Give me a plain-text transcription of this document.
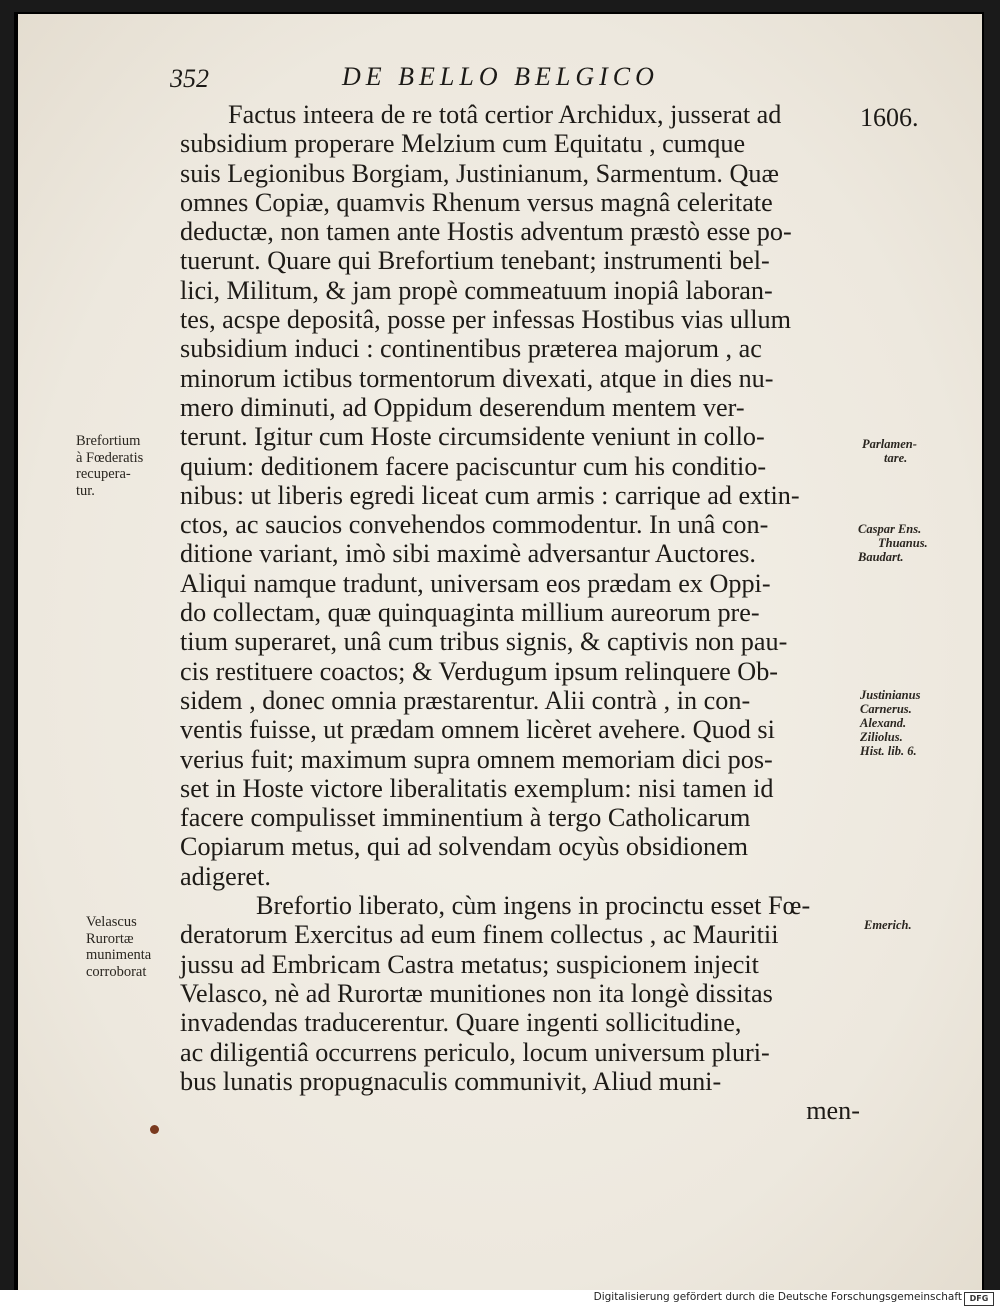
352	DE BELLO BELGICO
1606.
Factus inteera de re totâ certior Archidux, jusserat ad
subsidium properare Melzium cum Equitatu , cumque
suis Legionibus Borgiam, Justinianum, Sarmentum. Quæ
omnes Copiæ, quamvis Rhenum versus magnâ celeritate
deductæ, non tamen ante Hostis adventum præstò esse po-
tuerunt. Quare qui Brefortium tenebant; instrumenti bel-
lici, Militum, & jam propè commeatuum inopiâ laboran-
tes, acspe depositâ, posse per infessas Hostibus vias ullum
subsidium induci : continentibus præterea majorum , ac
minorum ictibus tormentorum divexati, atque in dies nu-
mero diminuti, ad Oppidum deserendum mentem ver-
terunt. Igitur cum Hoste circumsidente veniunt in collo-
quium: deditionem facere paciscuntur cum his conditio-
nibus: ut liberis egredi liceat cum armis : carrique ad extin-
ctos, ac saucios convehendos commodentur. In unâ con-
ditione variant, imò sibi maximè adversantur Auctores.
Aliqui namque tradunt, universam eos prædam ex Oppi-
do collectam, quæ quinquaginta millium aureorum pre-
tium superaret, unâ cum tribus signis, & captivis non pau-
cis restituere coactos; & Verdugum ipsum relinquere Ob-
sidem , donec omnia præstarentur. Alii contrà , in con-
ventis fuisse, ut prædam omnem licèret avehere. Quod si
verius fuit; maximum supra omnem memoriam dici pos-
set in Hoste victore liberalitatis exemplum: nisi tamen id
facere compulisset imminentium à tergo Catholicarum
Copiarum metus, qui ad solvendam ocyùs obsidionem
adigeret.
Brefortio liberato, cùm ingens in procinctu esset Fœ-
deratorum Exercitus ad eum finem collectus , ac Mauritii
jussu ad Embricam Castra metatus; suspicionem injecit
Velasco, nè ad Rurortæ munitiones non ita longè dissitas
invadendas traducerentur. Quare ingenti sollicitudine,
ac diligentiâ occurrens periculo, locum universum pluri-
bus lunatis propugnaculis communivit, Aliud muni-
men-
Brefortium
à Fœderatis
recupera-
tur.
Velascus
Rurortæ
munimenta
corroborat
Parlamen-
tare.
Caspar Ens.
Thuanus.
Baudart.
Justinianus
Carnerus.
Alexand.
Ziliolus.
Hist. lib. 6.
Emerich.
Digitalisierung gefördert durch die Deutsche Forschungsgemeinschaft DFG
